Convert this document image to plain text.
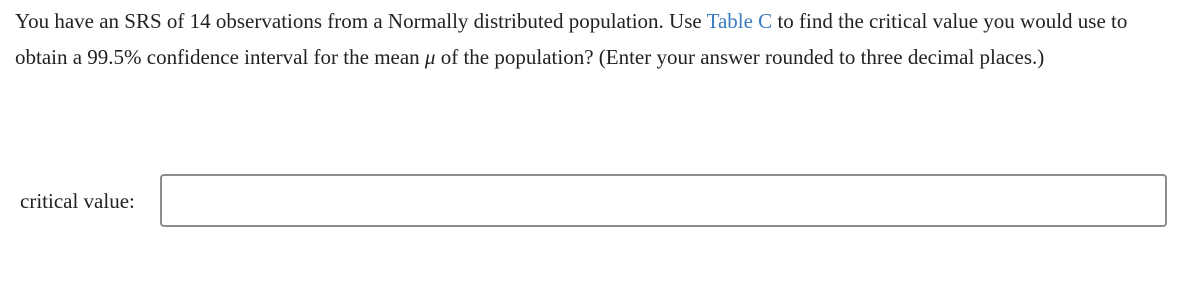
You have an SRS of 14 observations from a Normally distributed population. Use Table C to find the critical value you would use to obtain a 99.5% confidence interval for the mean μ of the population? (Enter your answer rounded to three decimal places.)

critical value:
